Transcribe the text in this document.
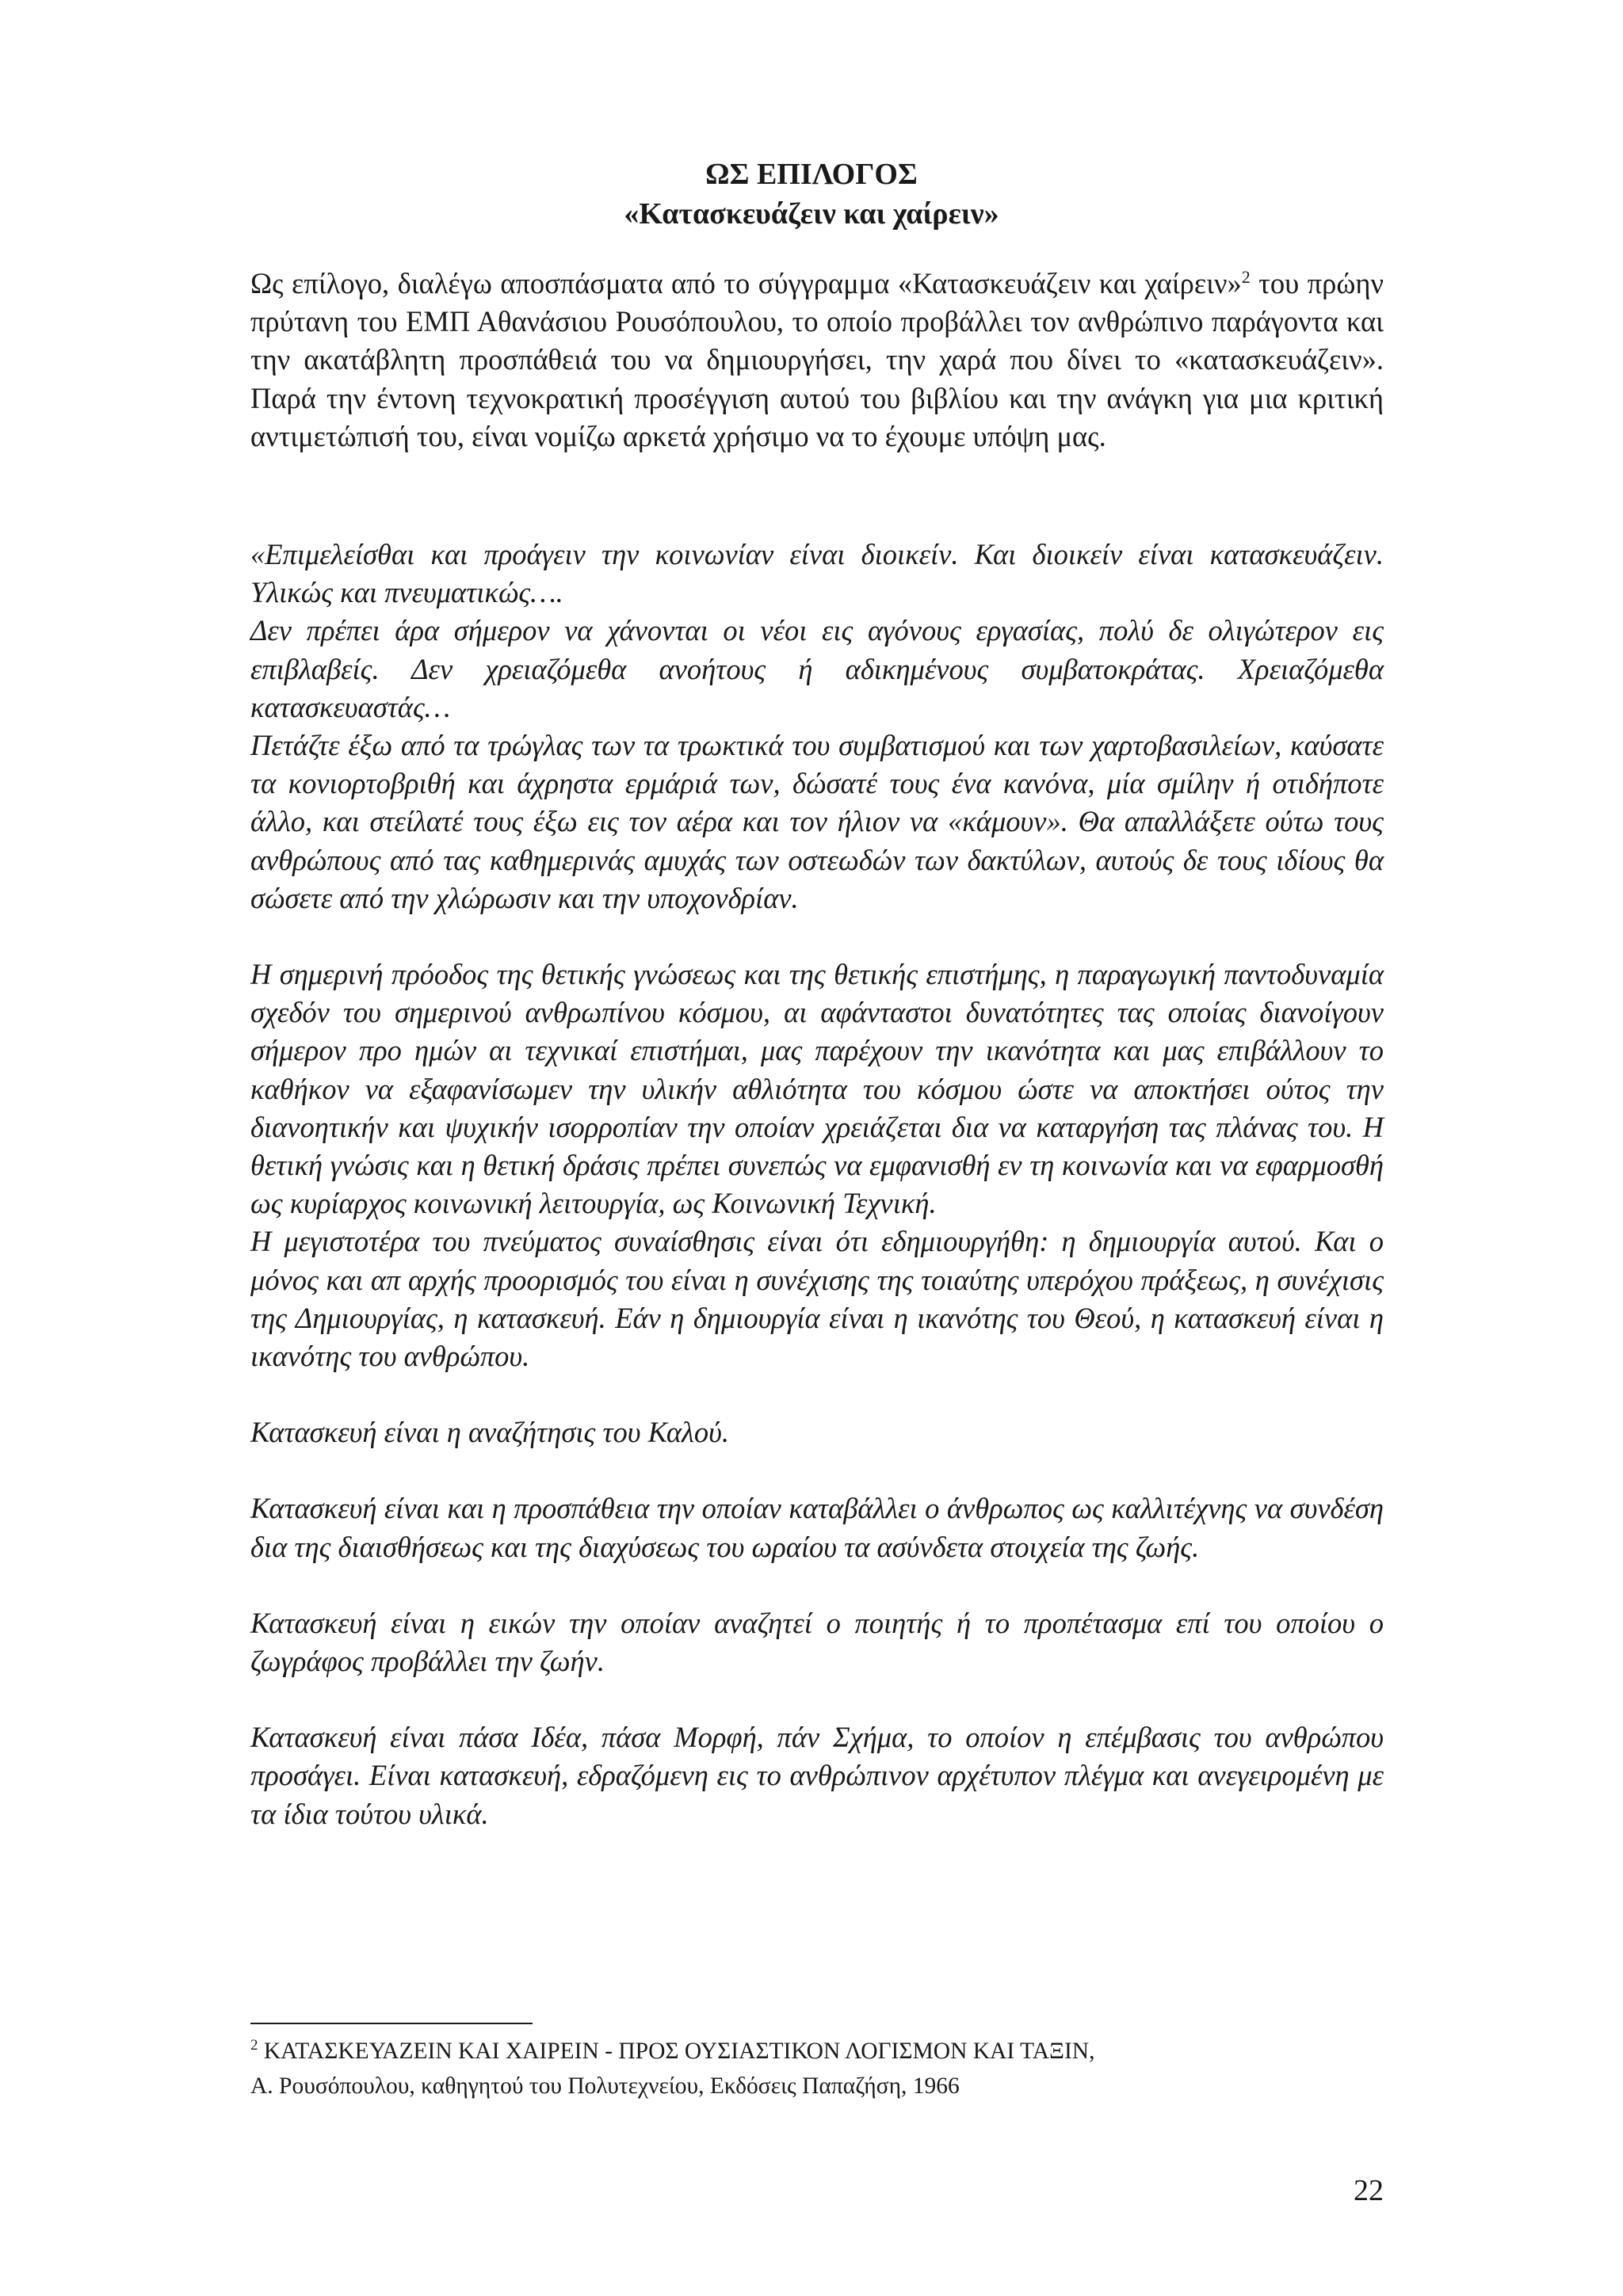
ΩΣ ΕΠΙΛΟΓΟΣ
«Κατασκευάζειν και χαίρειν»

Ως επίλογο, διαλέγω αποσπάσματα από το σύγγραμμα «Κατασκευάζειν και χαίρειν»$^2$ του πρώην πρύτανη του ΕΜΠ Αθανάσιου Ρουσόπουλου, το οποίο προβάλλει τον ανθρώπινο παράγοντα και την ακατάβλητη προσπάθειά του να δημιουργήσει, την χαρά που δίνει το «κατασκευάζειν». Παρά την έντονη τεχνοκρατική προσέγγιση αυτού του βιβλίου και την ανάγκη για μια κριτική αντιμετώπισή του, είναι νομίζω αρκετά χρήσιμο να το έχουμε υπόψη μας.

«Επιμελείσθαι και προάγειν την κοινωνίαν είναι διοικείν. Και διοικείν είναι κατασκευάζειν. Υλικώς και πνευματικώς….
Δεν πρέπει άρα σήμερον να χάνονται οι νέοι εις αγόνους εργασίας, πολύ δε ολιγώτερον εις επιβλαβείς. Δεν χρειαζόμεθα ανοήτους ή αδικημένους συμβατοκράτας. Χρειαζόμεθα κατασκευαστάς…
Πετάζτε έξω από τα τρώγλας των τα τρωκτικά του συμβατισμού και των χαρτοβασιλείων, καύσατε τα κονιορτοβριθή και άχρηστα ερμάριά των, δώσατέ τους ένα κανόνα, μία σμίλην ή οτιδήποτε άλλο, και στείλατέ τους έξω εις τον αέρα και τον ήλιον να «κάμουν». Θα απαλλάξετε ούτω τους ανθρώπους από τας καθημερινάς αμυχάς των οστεωδών των δακτύλων, αυτούς δε τους ιδίους θα σώσετε από την χλώρωσιν και την υποχονδρίαν.

Η σημερινή πρόοδος της θετικής γνώσεως και της θετικής επιστήμης, η παραγωγική παντοδυναμία σχεδόν του σημερινού ανθρωπίνου κόσμου, αι αφάνταστοι δυνατότητες τας οποίας διανοίγουν σήμερον προ ημών αι τεχνικαί επιστήμαι, μας παρέχουν την ικανότητα και μας επιβάλλουν το καθήκον να εξαφανίσωμεν την υλικήν αθλιότητα του κόσμου ώστε να αποκτήσει ούτος την διανοητικήν και ψυχικήν ισορροπίαν την οποίαν χρειάζεται δια να καταργήση τας πλάνας του. Η θετική γνώσις και η θετική δράσις πρέπει συνεπώς να εμφανισθή εν τη κοινωνία και να εφαρμοσθή ως κυρίαρχος κοινωνική λειτουργία, ως Κοινωνική Τεχνική.
Η μεγιστοτέρα του πνεύματος συναίσθησις είναι ότι εδημιουργήθη: η δημιουργία αυτού. Και ο μόνος και απ αρχής προορισμός του είναι η συνέχισης της τοιαύτης υπερόχου πράξεως, η συνέχισις της Δημιουργίας, η κατασκευή. Εάν η δημιουργία είναι η ικανότης του Θεού, η κατασκευή είναι η ικανότης του ανθρώπου.

Κατασκευή είναι η αναζήτησις του Καλού.

Κατασκευή είναι και η προσπάθεια την οποίαν καταβάλλει ο άνθρωπος ως καλλιτέχνης να συνδέση δια της διαισθήσεως και της διαχύσεως του ωραίου τα ασύνδετα στοιχεία της ζωής.

Κατασκευή είναι η εικών την οποίαν αναζητεί ο ποιητής ή το προπέτασμα επί του οποίου ο ζωγράφος προβάλλει την ζωήν.

Κατασκευή είναι πάσα Ιδέα, πάσα Μορφή, πάν Σχήμα, το οποίον η επέμβασις του ανθρώπου προσάγει. Είναι κατασκευή, εδραζόμενη εις το ανθρώπινον αρχέτυπον πλέγμα και ανεγειρομένη με τα ίδια τούτου υλικά.

$^2$ ΚΑΤΑΣΚΕΥΑΖΕΙΝ ΚΑΙ ΧΑΙΡΕΙΝ - ΠΡΟΣ ΟΥΣΙΑΣΤΙΚΟΝ ΛΟΓΙΣΜΟΝ ΚΑΙ ΤΑΞΙΝ,
Α. Ρουσόπουλου, καθηγητού του Πολυτεχνείου, Εκδόσεις Παπαζήση, 1966
22
